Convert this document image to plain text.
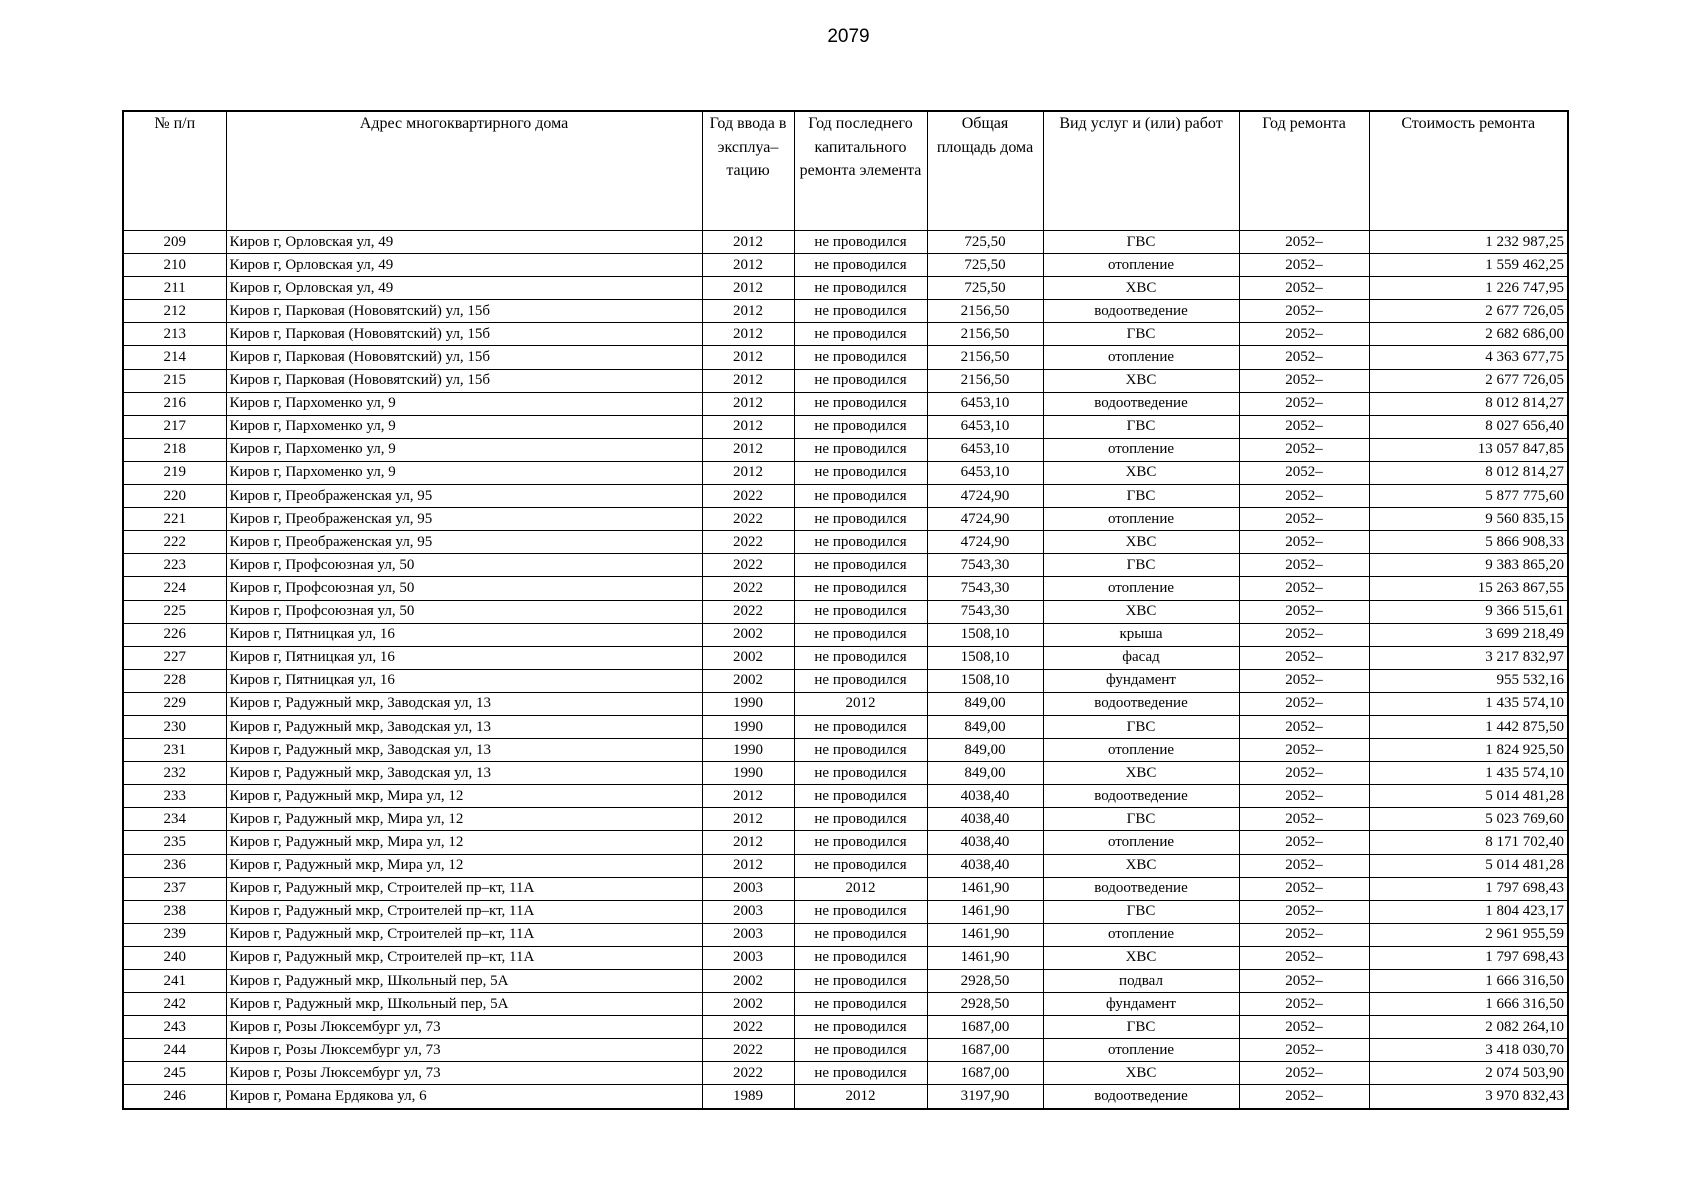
2079
№ п/п	Адрес многоквартирного дома	Год ввода в эксплуа–тацию	Год последнего капитального ремонта элемента	Общая площадь дома	Вид услуг и (или) работ	Год ремонта	Стоимость ремонта
209	Киров г, Орловская ул, 49	2012	не проводился	725,50	ГВС	2052–	1 232 987,25
210	Киров г, Орловская ул, 49	2012	не проводился	725,50	отопление	2052–	1 559 462,25
211	Киров г, Орловская ул, 49	2012	не проводился	725,50	ХВС	2052–	1 226 747,95
212	Киров г, Парковая (Нововятский) ул, 15б	2012	не проводился	2156,50	водоотведение	2052–	2 677 726,05
213	Киров г, Парковая (Нововятский) ул, 15б	2012	не проводился	2156,50	ГВС	2052–	2 682 686,00
214	Киров г, Парковая (Нововятский) ул, 15б	2012	не проводился	2156,50	отопление	2052–	4 363 677,75
215	Киров г, Парковая (Нововятский) ул, 15б	2012	не проводился	2156,50	ХВС	2052–	2 677 726,05
216	Киров г, Пархоменко ул, 9	2012	не проводился	6453,10	водоотведение	2052–	8 012 814,27
217	Киров г, Пархоменко ул, 9	2012	не проводился	6453,10	ГВС	2052–	8 027 656,40
218	Киров г, Пархоменко ул, 9	2012	не проводился	6453,10	отопление	2052–	13 057 847,85
219	Киров г, Пархоменко ул, 9	2012	не проводился	6453,10	ХВС	2052–	8 012 814,27
220	Киров г, Преображенская ул, 95	2022	не проводился	4724,90	ГВС	2052–	5 877 775,60
221	Киров г, Преображенская ул, 95	2022	не проводился	4724,90	отопление	2052–	9 560 835,15
222	Киров г, Преображенская ул, 95	2022	не проводился	4724,90	ХВС	2052–	5 866 908,33
223	Киров г, Профсоюзная ул, 50	2022	не проводился	7543,30	ГВС	2052–	9 383 865,20
224	Киров г, Профсоюзная ул, 50	2022	не проводился	7543,30	отопление	2052–	15 263 867,55
225	Киров г, Профсоюзная ул, 50	2022	не проводился	7543,30	ХВС	2052–	9 366 515,61
226	Киров г, Пятницкая ул, 16	2002	не проводился	1508,10	крыша	2052–	3 699 218,49
227	Киров г, Пятницкая ул, 16	2002	не проводился	1508,10	фасад	2052–	3 217 832,97
228	Киров г, Пятницкая ул, 16	2002	не проводился	1508,10	фундамент	2052–	955 532,16
229	Киров г, Радужный мкр, Заводская ул, 13	1990	2012	849,00	водоотведение	2052–	1 435 574,10
230	Киров г, Радужный мкр, Заводская ул, 13	1990	не проводился	849,00	ГВС	2052–	1 442 875,50
231	Киров г, Радужный мкр, Заводская ул, 13	1990	не проводился	849,00	отопление	2052–	1 824 925,50
232	Киров г, Радужный мкр, Заводская ул, 13	1990	не проводился	849,00	ХВС	2052–	1 435 574,10
233	Киров г, Радужный мкр, Мира ул, 12	2012	не проводился	4038,40	водоотведение	2052–	5 014 481,28
234	Киров г, Радужный мкр, Мира ул, 12	2012	не проводился	4038,40	ГВС	2052–	5 023 769,60
235	Киров г, Радужный мкр, Мира ул, 12	2012	не проводился	4038,40	отопление	2052–	8 171 702,40
236	Киров г, Радужный мкр, Мира ул, 12	2012	не проводился	4038,40	ХВС	2052–	5 014 481,28
237	Киров г, Радужный мкр, Строителей пр–кт, 11А	2003	2012	1461,90	водоотведение	2052–	1 797 698,43
238	Киров г, Радужный мкр, Строителей пр–кт, 11А	2003	не проводился	1461,90	ГВС	2052–	1 804 423,17
239	Киров г, Радужный мкр, Строителей пр–кт, 11А	2003	не проводился	1461,90	отопление	2052–	2 961 955,59
240	Киров г, Радужный мкр, Строителей пр–кт, 11А	2003	не проводился	1461,90	ХВС	2052–	1 797 698,43
241	Киров г, Радужный мкр, Школьный пер, 5А	2002	не проводился	2928,50	подвал	2052–	1 666 316,50
242	Киров г, Радужный мкр, Школьный пер, 5А	2002	не проводился	2928,50	фундамент	2052–	1 666 316,50
243	Киров г, Розы Люксембург ул, 73	2022	не проводился	1687,00	ГВС	2052–	2 082 264,10
244	Киров г, Розы Люксембург ул, 73	2022	не проводился	1687,00	отопление	2052–	3 418 030,70
245	Киров г, Розы Люксембург ул, 73	2022	не проводился	1687,00	ХВС	2052–	2 074 503,90
246	Киров г, Романа Ердякова ул, 6	1989	2012	3197,90	водоотведение	2052–	3 970 832,43
